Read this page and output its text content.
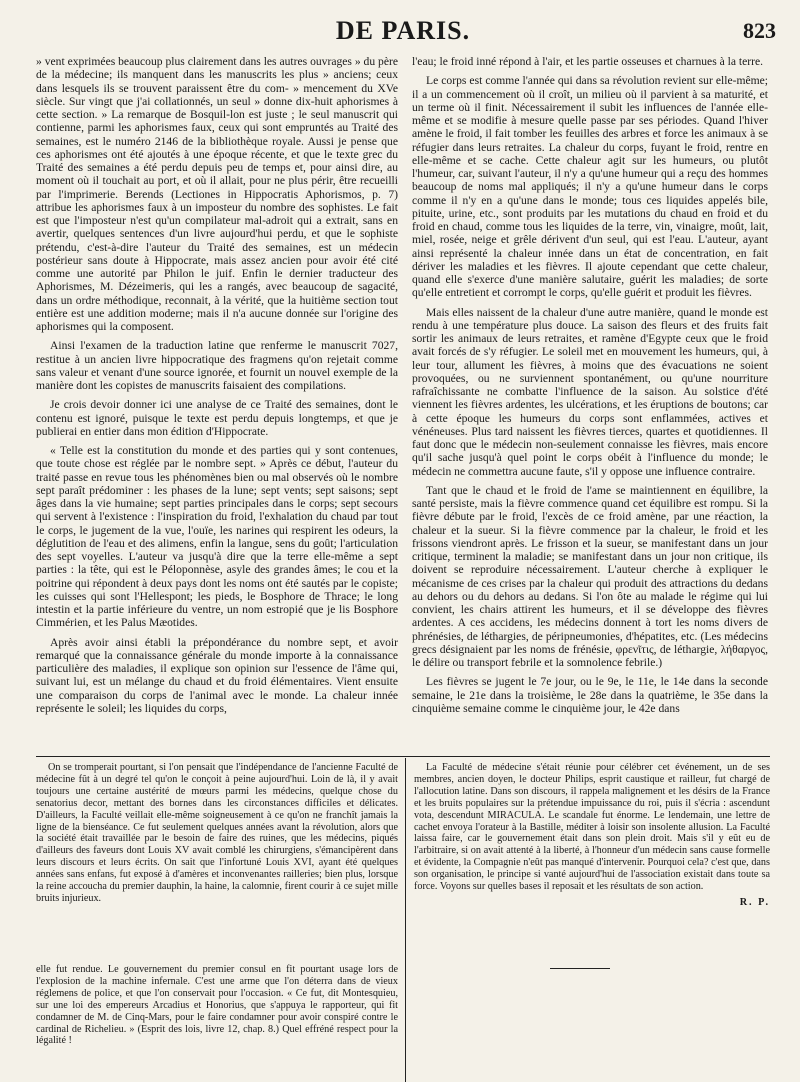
DE PARIS.	823

» vent exprimées beaucoup plus clairement dans les autres ouvrages » du père de la médecine; ils manquent dans les manuscrits les plus » anciens; ceux dans lesquels ils se trouvent paraissent être du com- » mencement du XVe siècle. Sur vingt que j'ai collationnés, un seul » donne dix-huit aphorismes à cette section. » La remarque de Bosquil-lon est juste ; le seul manuscrit qui contienne, parmi les aphorismes faux, ceux qui sont empruntés au Traité des semaines, est le numéro 2146 de la bibliothèque royale. Aussi je pense que ces aphorismes ont été ajoutés à une époque récente, et que le texte grec du Traité des semaines a été perdu depuis peu de temps et, pour ainsi dire, au moment où il touchait au port, et où il allait, pour ne plus périr, être recueilli par l'imprimerie. Berends (Lectiones in Hippocratis Aphorismos, p. 7) attribue les aphorismes faux à un imposteur du nombre des sophistes. Le fait est que l'imposteur n'est qu'un compilateur mal-adroit qui a extrait, sans en avertir, quelques sentences d'un livre aujourd'hui perdu, et que le sophiste prétendu, c'est-à-dire l'auteur du Traité des semaines, est un médecin postérieur sans doute à Hippocrate, mais assez ancien pour avoir été cité comme une autorité par Philon le juif. Enfin le dernier traducteur des Aphorismes, M. Dézeimeris, qui les a rangés, avec beaucoup de sagacité, dans un ordre méthodique, reconnait, à la vérité, que la huitième section tout entière est une addition moderne; mais il n'a aucune donnée sur l'origine des aphorismes qui la composent.

Ainsi l'examen de la traduction latine que renferme le manuscrit 7027, restitue à un ancien livre hippocratique des fragmens qu'on rejetait comme sans valeur et venant d'une source ignorée, et fournit un nouvel exemple de la manière dont les copistes de manuscrits faisaient des compilations.

Je crois devoir donner ici une analyse de ce Traité des semaines, dont le contenu est ignoré, puisque le texte est perdu depuis longtemps, et que je publierai en entier dans mon édition d'Hippocrate.

« Telle est la constitution du monde et des parties qui y sont contenues, que toute chose est réglée par le nombre sept. » Après ce début, l'auteur du traité passe en revue tous les phénomènes bien ou mal observés où le nombre sept paraît prédominer : les phases de la lune; sept vents; sept saisons; sept âges dans la vie humaine; sept parties principales dans le corps; sept secours qui servent à l'existence : l'inspiration du froid, l'exhalation du chaud par tout le corps, le jugement de la vue, l'ouïe, les narines qui respirent les odeurs, la déglutition de l'eau et des alimens, enfin la langue, sens du goût; l'articulation des sept voyelles. L'auteur va jusqu'à dire que la terre elle-même a sept parties : la tête, qui est le Péloponnèse, asyle des grandes âmes; le cou et la poitrine qui répondent à deux pays dont les noms ont été sautés par le copiste; les cuisses qui sont l'Hellespont; les pieds, le Bosphore de Thrace; le long intestin et la partie inférieure du ventre, un nom estropié que je lis Bosphore Cimmérien, et les Palus Mæotides.

Après avoir ainsi établi la prépondérance du nombre sept, et avoir remarqué que la connaissance générale du monde importe à la connaissance particulière des maladies, il explique son opinion sur l'essence de l'âme qui, suivant lui, est un mélange du chaud et du froid élémentaires. Vient ensuite une comparaison du corps de l'animal avec le monde. La chaleur innée représente le soleil; les liquides du corps,

l'eau; le froid inné répond à l'air, et les partie osseuses et charnues à la terre.

Le corps est comme l'année qui dans sa révolution revient sur elle-même; il a un commencement où il croît, un milieu où il parvient à sa maturité, et un terme où il finit. Nécessairement il subit les influences de l'année elle-même et se modifie à mesure quelle passe par ses périodes. Quand l'hiver amène le froid, il fait tomber les feuilles des arbres et force les animaux à se réfugier dans leurs retraites. La chaleur du corps, fuyant le froid, rentre en elle-même et se cache. Cette chaleur agit sur les humeurs, ou plutôt l'humeur, car, suivant l'auteur, il n'y a qu'une humeur qui a reçu des hommes beaucoup de noms mal appliqués; il n'y a qu'une humeur dans le corps comme il n'y en a qu'une dans le monde; tous ces liquides appelés bile, pituite, urine, etc., sont produits par les mutations du chaud en froid et du froid en chaud, comme tous les liquides de la terre, vin, vinaigre, moût, lait, miel, rosée, neige et grêle dérivent d'un seul, qui est l'eau. L'auteur, ayant ainsi représenté la chaleur innée dans un état de concentration, en fait dériver les maladies et les fièvres. Il ajoute cependant que cette chaleur, quand elle s'exerce d'une manière salutaire, guérit les maladies; de sorte qu'elle entretient et corrompt le corps, qu'elle guérit et produit les fièvres.

Mais elles naissent de la chaleur d'une autre manière, quand le monde est rendu à une température plus douce. La saison des fleurs et des fruits fait sortir les animaux de leurs retraites, et ramène d'Egypte ceux que le froid avait forcés de s'y réfugier. Le soleil met en mouvement les humeurs, qui, à leur tour, allument les fièvres, à moins que des évacuations ne soient provoquées, ou ne surviennent spontanément, ou qu'une nourriture rafraîchissante ne combatte l'influence de la saison. Au solstice d'été viennent les fièvres ardentes, les ulcérations, et les éruptions de boutons; car à cette époque les humeurs du corps sont enflammées, actives et vénéneuses. Plus tard naissent les fièvres tierces, quartes et quotidiennes. Il faut donc que le médecin non-seulement connaisse les fièvres, mais encore qu'il sache jusqu'à quel point le corps obéit à l'influence du monde; le médecin ne commettra aucune faute, s'il y oppose une influence contraire.

Tant que le chaud et le froid de l'ame se maintiennent en équilibre, la santé persiste, mais la fièvre commence quand cet équilibre est rompu. Si la fièvre débute par le froid, l'excès de ce froid amène, par une réaction, la chaleur et la sueur. Si la fièvre commence par la chaleur, le froid et les frissons viendront après. Le frisson et la sueur, se manifestant dans un jour critique, terminent la maladie; se manifestant dans un jour non critique, ils doivent se reproduire nécessairement. L'auteur cherche à expliquer le mécanisme de ces crises par la chaleur qui produit des attractions du dedans au dehors ou du dehors au dedans. Si l'on ôte au malade le régime qui lui convient, les chairs attirent les humeurs, et il se développe des fièvres ardentes. A ces accidens, les médecins donnent à tort les noms divers de phrénésies, de léthargies, de péripneumonies, d'hépatites, etc. (Les médecins grecs désignaient par les noms de frénésie, φρενῖτις, de léthargie, λήθαργος, le délire ou transport febrile et la somnolence febrile.)

Les fièvres se jugent le 7e jour, ou le 9e, le 11e, le 14e dans la seconde semaine, le 21e dans la troisième, le 28e dans la quatrième, le 35e dans la cinquième semaine comme le cinquième jour, le 42e dans

On se tromperait pourtant, si l'on pensait que l'indépendance de l'ancienne Faculté de médecine fût à un degré tel qu'on le conçoit à peine aujourd'hui. Loin de là, il y avait toujours une certaine austérité de mœurs parmi les médecins, quelque chose du senatorius decor, mettant des bornes dans les circonstances difficiles et délicates. D'ailleurs, la Faculté veillait elle-même soigneusement à ce qu'on ne franchît jamais la ligne de la bienséance. Ce fut seulement quelques années avant la révolution, alors que la société était travaillée par le besoin de faire des ruines, que les médecins, piqués d'ailleurs des faveurs dont Louis XV avait comblé les chirurgiens, s'émancipèrent dans leurs discours et leurs écrits. On sait que l'infortuné Louis XVI, ayant été quelques années sans enfans, fut exposé à d'amères et inconvenantes railleries; bien plus, lorsque la reine accoucha du premier dauphin, la haine, la calomnie, firent courir à ce sujet mille bruits injurieux.

elle fut rendue. Le gouvernement du premier consul en fit pourtant usage lors de l'explosion de la machine infernale. C'est une arme que l'on déterra dans de vieux réglemens de police, et que l'on conservait pour l'occasion. « Ce fut, dit Montesquieu, sur une loi des empereurs Arcadius et Honorius, que s'appuya le rapporteur, qui fit condamner de M. de Cinq-Mars, pour le faire condamner pour avoir conspiré contre le cardinal de Richelieu. » (Esprit des lois, livre 12, chap. 8.) Quel effréné respect pour la légalité !

La Faculté de médecine s'était réunie pour célébrer cet événement, un de ses membres, ancien doyen, le docteur Philips, esprit caustique et railleur, fut chargé de l'allocution latine. Dans son discours, il rappela malignement et les désirs de la France et les bruits populaires sur la prétendue impuissance du roi, puis il s'écria : ascendunt vota, descendunt MIRACULA. Le scandale fut énorme. Le lendemain, une lettre de cachet envoya l'orateur à la Bastille, méditer à loisir son insolente allusion. La Faculté laissa faire, car le gouvernement était dans son plein droit. Mais s'il y eût eu de l'arbitraire, si on avait attenté à la liberté, à l'honneur d'un médecin sans cause formelle et évidente, la Compagnie n'eût pas manqué d'intervenir. Pourquoi cela? c'est que, dans son organisation, le principe si vanté aujourd'hui de l'association existait dans toute sa force. Voyons sur quelles bases il reposait et les résultats de son action.

R. P.
